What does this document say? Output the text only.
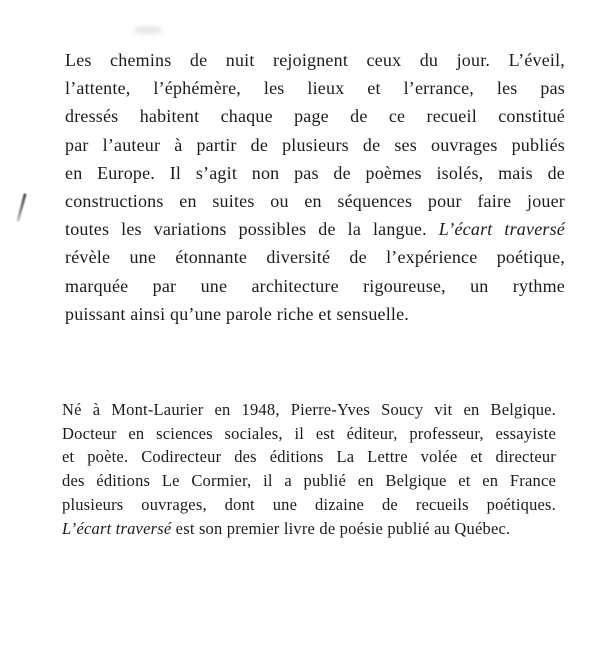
Les chemins de nuit rejoignent ceux du jour. L’éveil,
l’attente, l’éphémère, les lieux et l’errance, les pas
dressés habitent chaque page de ce recueil constitué
par l’auteur à partir de plusieurs de ses ouvrages publiés
en Europe. Il s’agit non pas de poèmes isolés, mais de
constructions en suites ou en séquences pour faire jouer
toutes les variations possibles de la langue. L’écart traversé
révèle une étonnante diversité de l’expérience poétique,
marquée par une architecture rigoureuse, un rythme
puissant ainsi qu’une parole riche et sensuelle.
Né à Mont-Laurier en 1948, Pierre-Yves Soucy vit en Belgique.
Docteur en sciences sociales, il est éditeur, professeur, essayiste
et poète. Codirecteur des éditions La Lettre volée et directeur
des éditions Le Cormier, il a publié en Belgique et en France
plusieurs ouvrages, dont une dizaine de recueils poétiques.
L’écart traversé est son premier livre de poésie publié au Québec.
